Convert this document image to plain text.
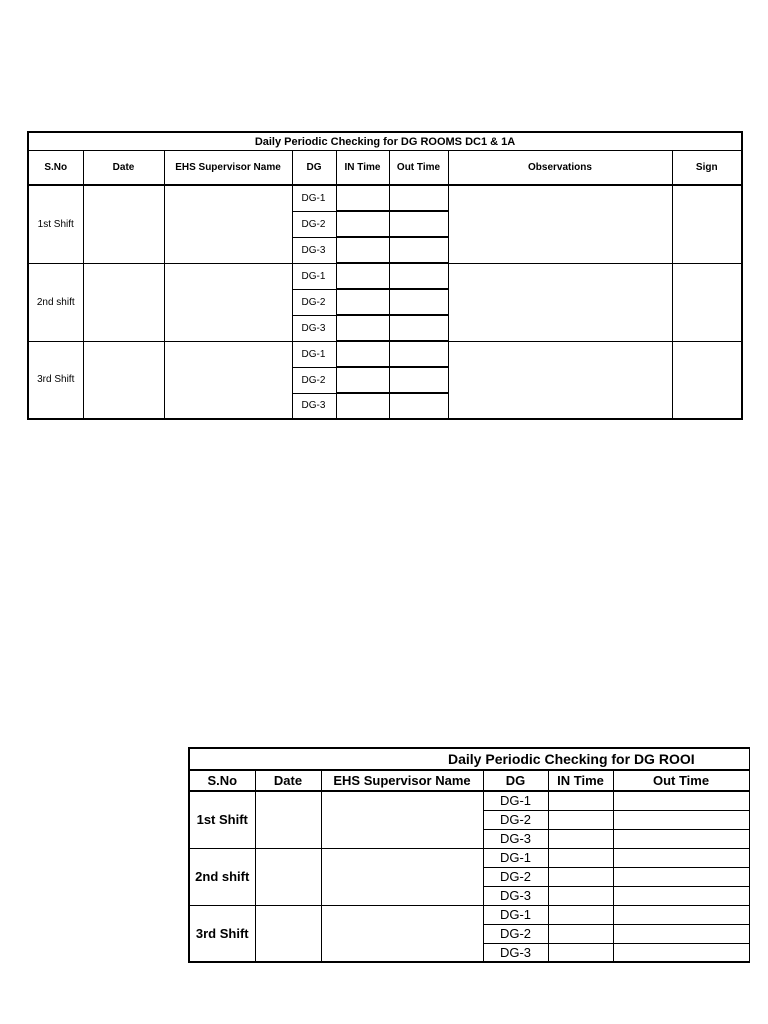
Daily Periodic Checking for DG ROOMS DC1 & 1A							
S.No	Date	EHS Supervisor Name	DG	IN Time	Out Time	Observations	Sign
1st Shift			DG-1				
			DG-2				
			DG-3				
2nd shift			DG-1				
			DG-2				
			DG-3				
3rd Shift			DG-1				
			DG-2				
			DG-3				
Daily Periodic Checking for DG ROOI					
S.No	Date	EHS Supervisor Name	DG	IN Time	Out Time
1st Shift			DG-1		
			DG-2		
			DG-3		
2nd shift			DG-1		
			DG-2		
			DG-3		
3rd Shift			DG-1		
			DG-2		
			DG-3		
